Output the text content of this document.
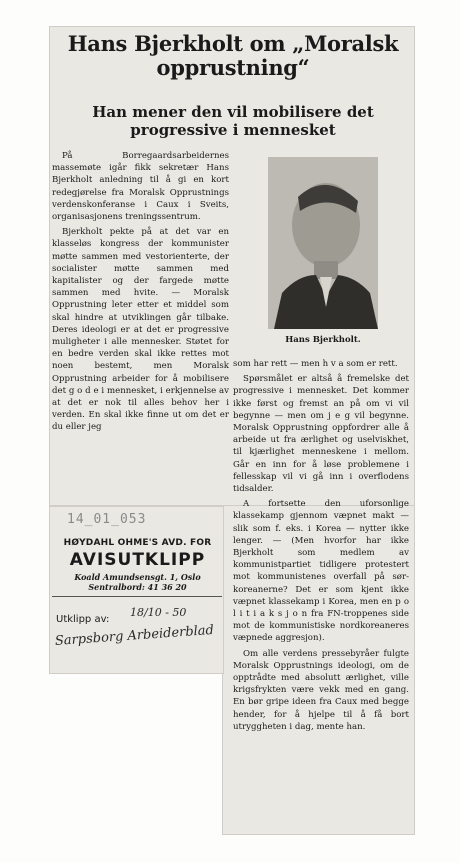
Hans Bjerkholt om „Moralsk opprustning“
Han mener den vil mobilisere det progressive i mennesket
Hans Bjerkholt.

På Borregaardsarbeidernes massemøte igår fikk sekretær Hans Bjerkholt anledning til å gi en kort redegjørelse fra Moralsk Opprustnings verdenskonferanse i Caux i Sveits, organisasjonens treningssentrum.

Bjerkholt pekte på at det var en klasseløs kongress der kommunister møtte sammen med vestorienterte, der socialister møtte sammen med kapitalister og der fargede møtte sammen med hvite. — Moralsk Opprustning leter etter et middel som skal hindre at utviklingen går tilbake. Deres ideologi er at det er progressive muligheter i alle mennesker. Støtet for en bedre verden skal ikke rettes mot noen bestemt, men Moralsk Opprustning arbeider for å mobilisere det g o d e i mennesket, i erkjennelse av at det er nok til alles behov her i verden. En skal ikke finne ut om det er du eller jeg

som har rett — men h v a som er rett.

Spørsmålet er altså å fremelske det progressive i mennesket. Det kommer ikke først og fremst an på om vi vil begynne — men om j e g vil begynne. Moralsk Opprustning oppfordrer alle å arbeide ut fra ærlighet og uselviskhet, til kjærlighet menneskene i mellom. Går en inn for å løse problemene i fellesskap vil vi gå inn i overflodens tidsalder.

A fortsette den uforsonlige klassekamp gjennom væpnet makt — slik som f. eks. i Korea — nytter ikke lenger. — (Men hvorfor har ikke Bjerkholt som medlem av kommunistpartiet tidligere protestert mot kommunistenes overfall på sør-koreanerne? Det er som kjent ikke væpnet klassekamp i Korea, men en p o l i t i a k s j o n fra FN-troppenes side mot de kommunistiske nordkoreaneres væpnede aggresjon).

Om alle verdens pressebyråer fulgte Moralsk Opprustnings ideologi, om de opptrådte med absolutt ærlighet, ville krigsfrykten være vekk med en gang. En bør gripe ideen fra Caux med begge hender, for å hjelpe til å få bort utryggheten i dag, mente han.

14_01_053
HØYDAHL OHME'S AVD. FOR
AVISUTKLIPP
Koald Amundsensgt. 1, Oslo
Sentralbord: 41 36 20
Utklipp av:
18/10 - 50
Sarpsborg Arbeiderblad
